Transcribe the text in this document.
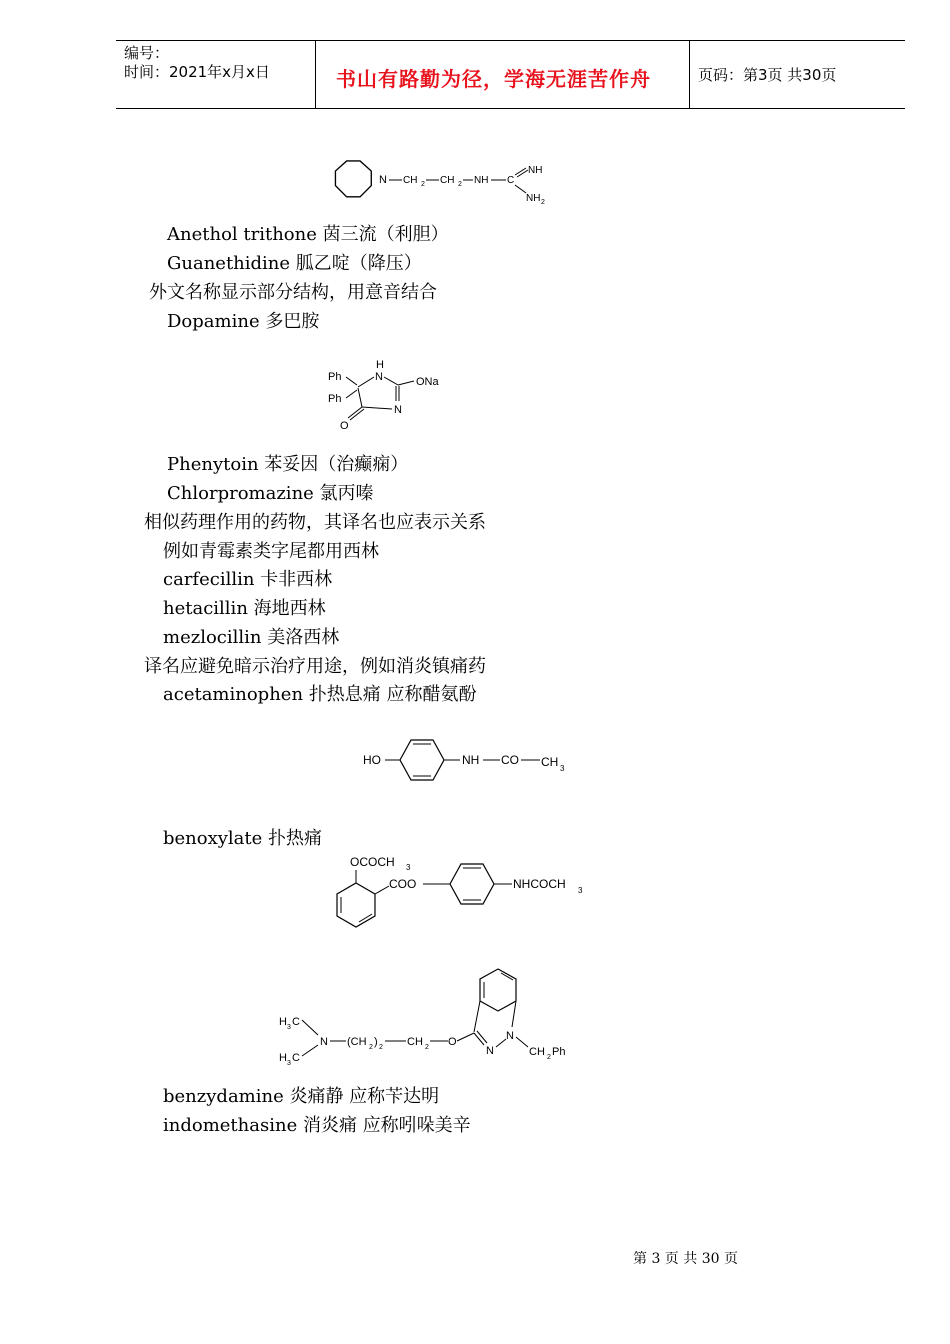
编号：
时间：2021年x月x日	书山有路勤为径，学海无涯苦作舟	页码：第3页 共30页
N CH 2 CH 2 NH C
NH
NH 2
Anethol trithone 茵三流（利胆）
Guanethidine 胍乙啶（降压）
外文名称显示部分结构，用意音结合
Dopamine 多巴胺
H
N
Ph
Ph
ONa
N
O
Phenytoin 苯妥因（治癫痫）
Chlorpromazine 氯丙嗪
相似药理作用的药物，其译名也应表示关系
例如青霉素类字尾都用西林
carfecillin 卡非西林
hetacillin 海地西林
mezlocillin 美洛西林
译名应避免暗示治疗用途，例如消炎镇痛药
acetaminophen 扑热息痛 应称醋氨酚
HO	NH CO CH 3
benoxylate 扑热痛
OCOCH 3
COO	NHCOCH 3
H 3 C
H 3 C
N (CH 2 ) 2 CH 2 O
N
N
CH 2 Ph
benzydamine 炎痛静 应称苄达明
indomethasine 消炎痛 应称吲哚美辛
第 3 页 共 30 页
